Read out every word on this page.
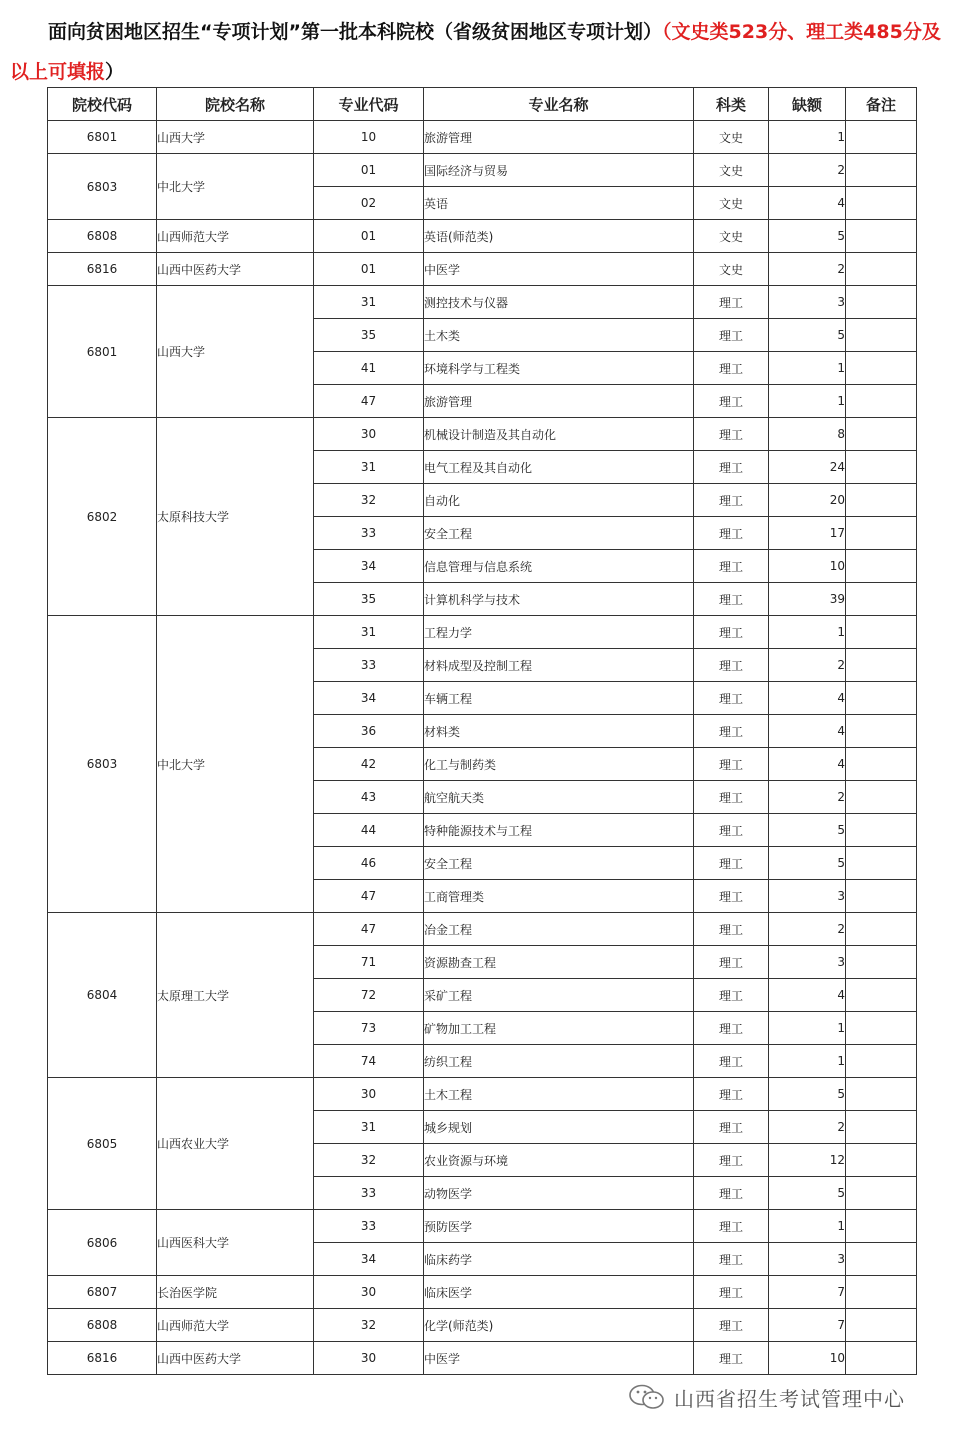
面向贫困地区招生“专项计划”第一批本科院校（省级贫困地区专项计划）（文史类523分、理工类485分及以上可填报）
院校代码	院校名称	专业代码	专业名称	科类	缺额	备注
6801	山西大学	10	旅游管理	文史	1	
6803	中北大学	01	国际经济与贸易	文史	2	
		02	英语	文史	4	
6808	山西师范大学	01	英语(师范类)	文史	5	
6816	山西中医药大学	01	中医学	文史	2	
6801	山西大学	31	测控技术与仪器	理工	3	
		35	土木类	理工	5	
		41	环境科学与工程类	理工	1	
		47	旅游管理	理工	1	
6802	太原科技大学	30	机械设计制造及其自动化	理工	8	
		31	电气工程及其自动化	理工	24	
		32	自动化	理工	20	
		33	安全工程	理工	17	
		34	信息管理与信息系统	理工	10	
		35	计算机科学与技术	理工	39	
6803	中北大学	31	工程力学	理工	1	
		33	材料成型及控制工程	理工	2	
		34	车辆工程	理工	4	
		36	材料类	理工	4	
		42	化工与制药类	理工	4	
		43	航空航天类	理工	2	
		44	特种能源技术与工程	理工	5	
		46	安全工程	理工	5	
		47	工商管理类	理工	3	
6804	太原理工大学	47	冶金工程	理工	2	
		71	资源勘查工程	理工	3	
		72	采矿工程	理工	4	
		73	矿物加工工程	理工	1	
		74	纺织工程	理工	1	
6805	山西农业大学	30	土木工程	理工	5	
		31	城乡规划	理工	2	
		32	农业资源与环境	理工	12	
		33	动物医学	理工	5	
6806	山西医科大学	33	预防医学	理工	1	
		34	临床药学	理工	3	
6807	长治医学院	30	临床医学	理工	7	
6808	山西师范大学	32	化学(师范类)	理工	7	
6816	山西中医药大学	30	中医学	理工	10	
山西省招生考试管理中心
